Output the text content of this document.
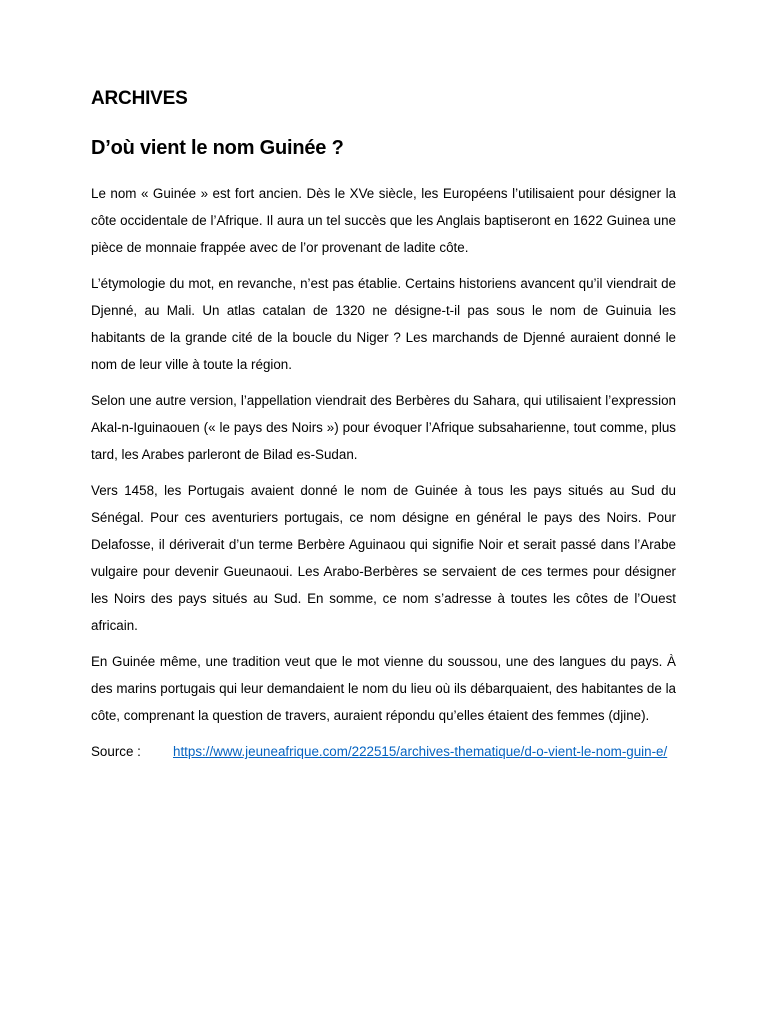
ARCHIVES
D’où vient le nom Guinée ?

Le nom « Guinée » est fort ancien. Dès le XVe siècle, les Européens l’utilisaient pour désigner la côte occidentale de l’Afrique. Il aura un tel succès que les Anglais baptiseront en 1622 Guinea une pièce de monnaie frappée avec de l’or provenant de ladite côte.

L’étymologie du mot, en revanche, n’est pas établie. Certains historiens avancent qu’il viendrait de Djenné, au Mali. Un atlas catalan de 1320 ne désigne-t-il pas sous le nom de Guinuia les habitants de la grande cité de la boucle du Niger ? Les marchands de Djenné auraient donné le nom de leur ville à toute la région.

Selon une autre version, l’appellation viendrait des Berbères du Sahara, qui utilisaient l’expression Akal-n-Iguinaouen (« le pays des Noirs ») pour évoquer l’Afrique subsaharienne, tout comme, plus tard, les Arabes parleront de Bilad es-Sudan.

Vers 1458, les Portugais avaient donné le nom de Guinée à tous les pays situés au Sud du Sénégal. Pour ces aventuriers portugais, ce nom désigne en général le pays des Noirs. Pour Delafosse, il dériverait d’un terme Berbère Aguinaou qui signifie Noir et serait passé dans l’Arabe vulgaire pour devenir Gueunaoui. Les Arabo-Berbères se servaient de ces termes pour désigner les Noirs des pays situés au Sud. En somme, ce nom s’adresse à toutes les côtes de l’Ouest africain.

En Guinée même, une tradition veut que le mot vienne du soussou, une des langues du pays. À des marins portugais qui leur demandaient le nom du lieu où ils débarquaient, des habitantes de la côte, comprenant la question de travers, auraient répondu qu’elles étaient des femmes (djine).

Source : https://www.jeuneafrique.com/222515/archives-thematique/d-o-vient-le-nom-guin-e/
